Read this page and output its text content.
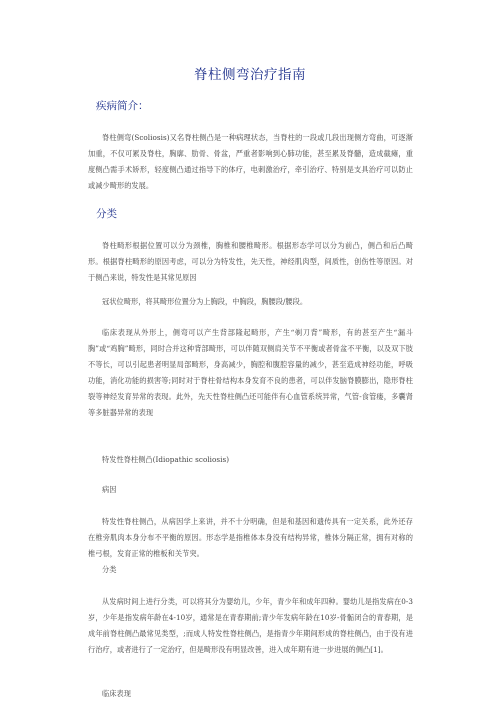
脊柱侧弯治疗指南
疾病简介：
脊柱侧弯(Scoliosis)又名脊柱侧凸是一种病理状态，当脊柱的一段或几段出现侧方弯曲，可逐渐加重，不仅可累及脊柱，胸廓、肋骨、骨盆，严重者影响到心肺功能，甚至累及脊髓，造成截瘫，重度侧凸需手术矫形，轻度侧凸通过指导下的体疗，电刺激治疗，牵引治疗、特别是支具治疗可以防止或减少畸形的发展。
分类
脊柱畸形根据位置可以分为颈椎，胸椎和腰椎畸形。根据形态学可以分为前凸，侧凸和后凸畸形。根据脊柱畸形的原因考虑，可以分为特发性，先天性，神经肌肉型，间质性，创伤性等原因。对于侧凸来说，特发性是其常见原因
冠状位畸形，将其畸形位置分为上胸段，中胸段，胸腰段/腰段。
临床表现从外形上，侧弯可以产生背部隆起畸形，产生“剃刀背”畸形，有的甚至产生“漏斗胸”或“鸡胸”畸形，同时合并这种背部畸形，可以伴随双侧肩关节不平衡或者骨盆不平衡，以及双下肢不等长，可以引起患者明显局部畸形，身高减少，胸腔和腹腔容量的减少，甚至造成神经功能，呼吸功能，消化功能的损害等;同时对于脊柱骨结构本身发育不良的患者，可以伴发脑脊膜膨出，隐形脊柱裂等神经发育异常的表现。此外，先天性脊柱侧凸还可能伴有心血管系统异常，气管-食管瘘，多囊肾等多脏器异常的表现
特发性脊柱侧凸(Idiopathic scoliosis)
病因
特发性脊柱侧凸，从病因学上来讲，并不十分明确，但是和基因和遗传具有一定关系，此外还存在椎旁肌肉本身分布不平衡的原因。形态学是指椎体本身没有结构异常，椎体分隔正常，拥有对称的椎弓根，发育正常的椎板和关节突。
分类
从发病时间上进行分类，可以将其分为婴幼儿，少年，青少年和成年四种。婴幼儿是指发病在0-3岁，少年是指发病年龄在4-10岁，通常是在青春期前;青少年发病年龄在10岁-骨骺闭合的青春期，是成年前脊柱侧凸最常见类型，;而成人特发性脊柱侧凸，是指青少年期间形成的脊柱侧凸，由于没有进行治疗，或者进行了一定治疗，但是畸形没有明显改善，进入成年期有进一步进展的侧凸[1]。
临床表现
